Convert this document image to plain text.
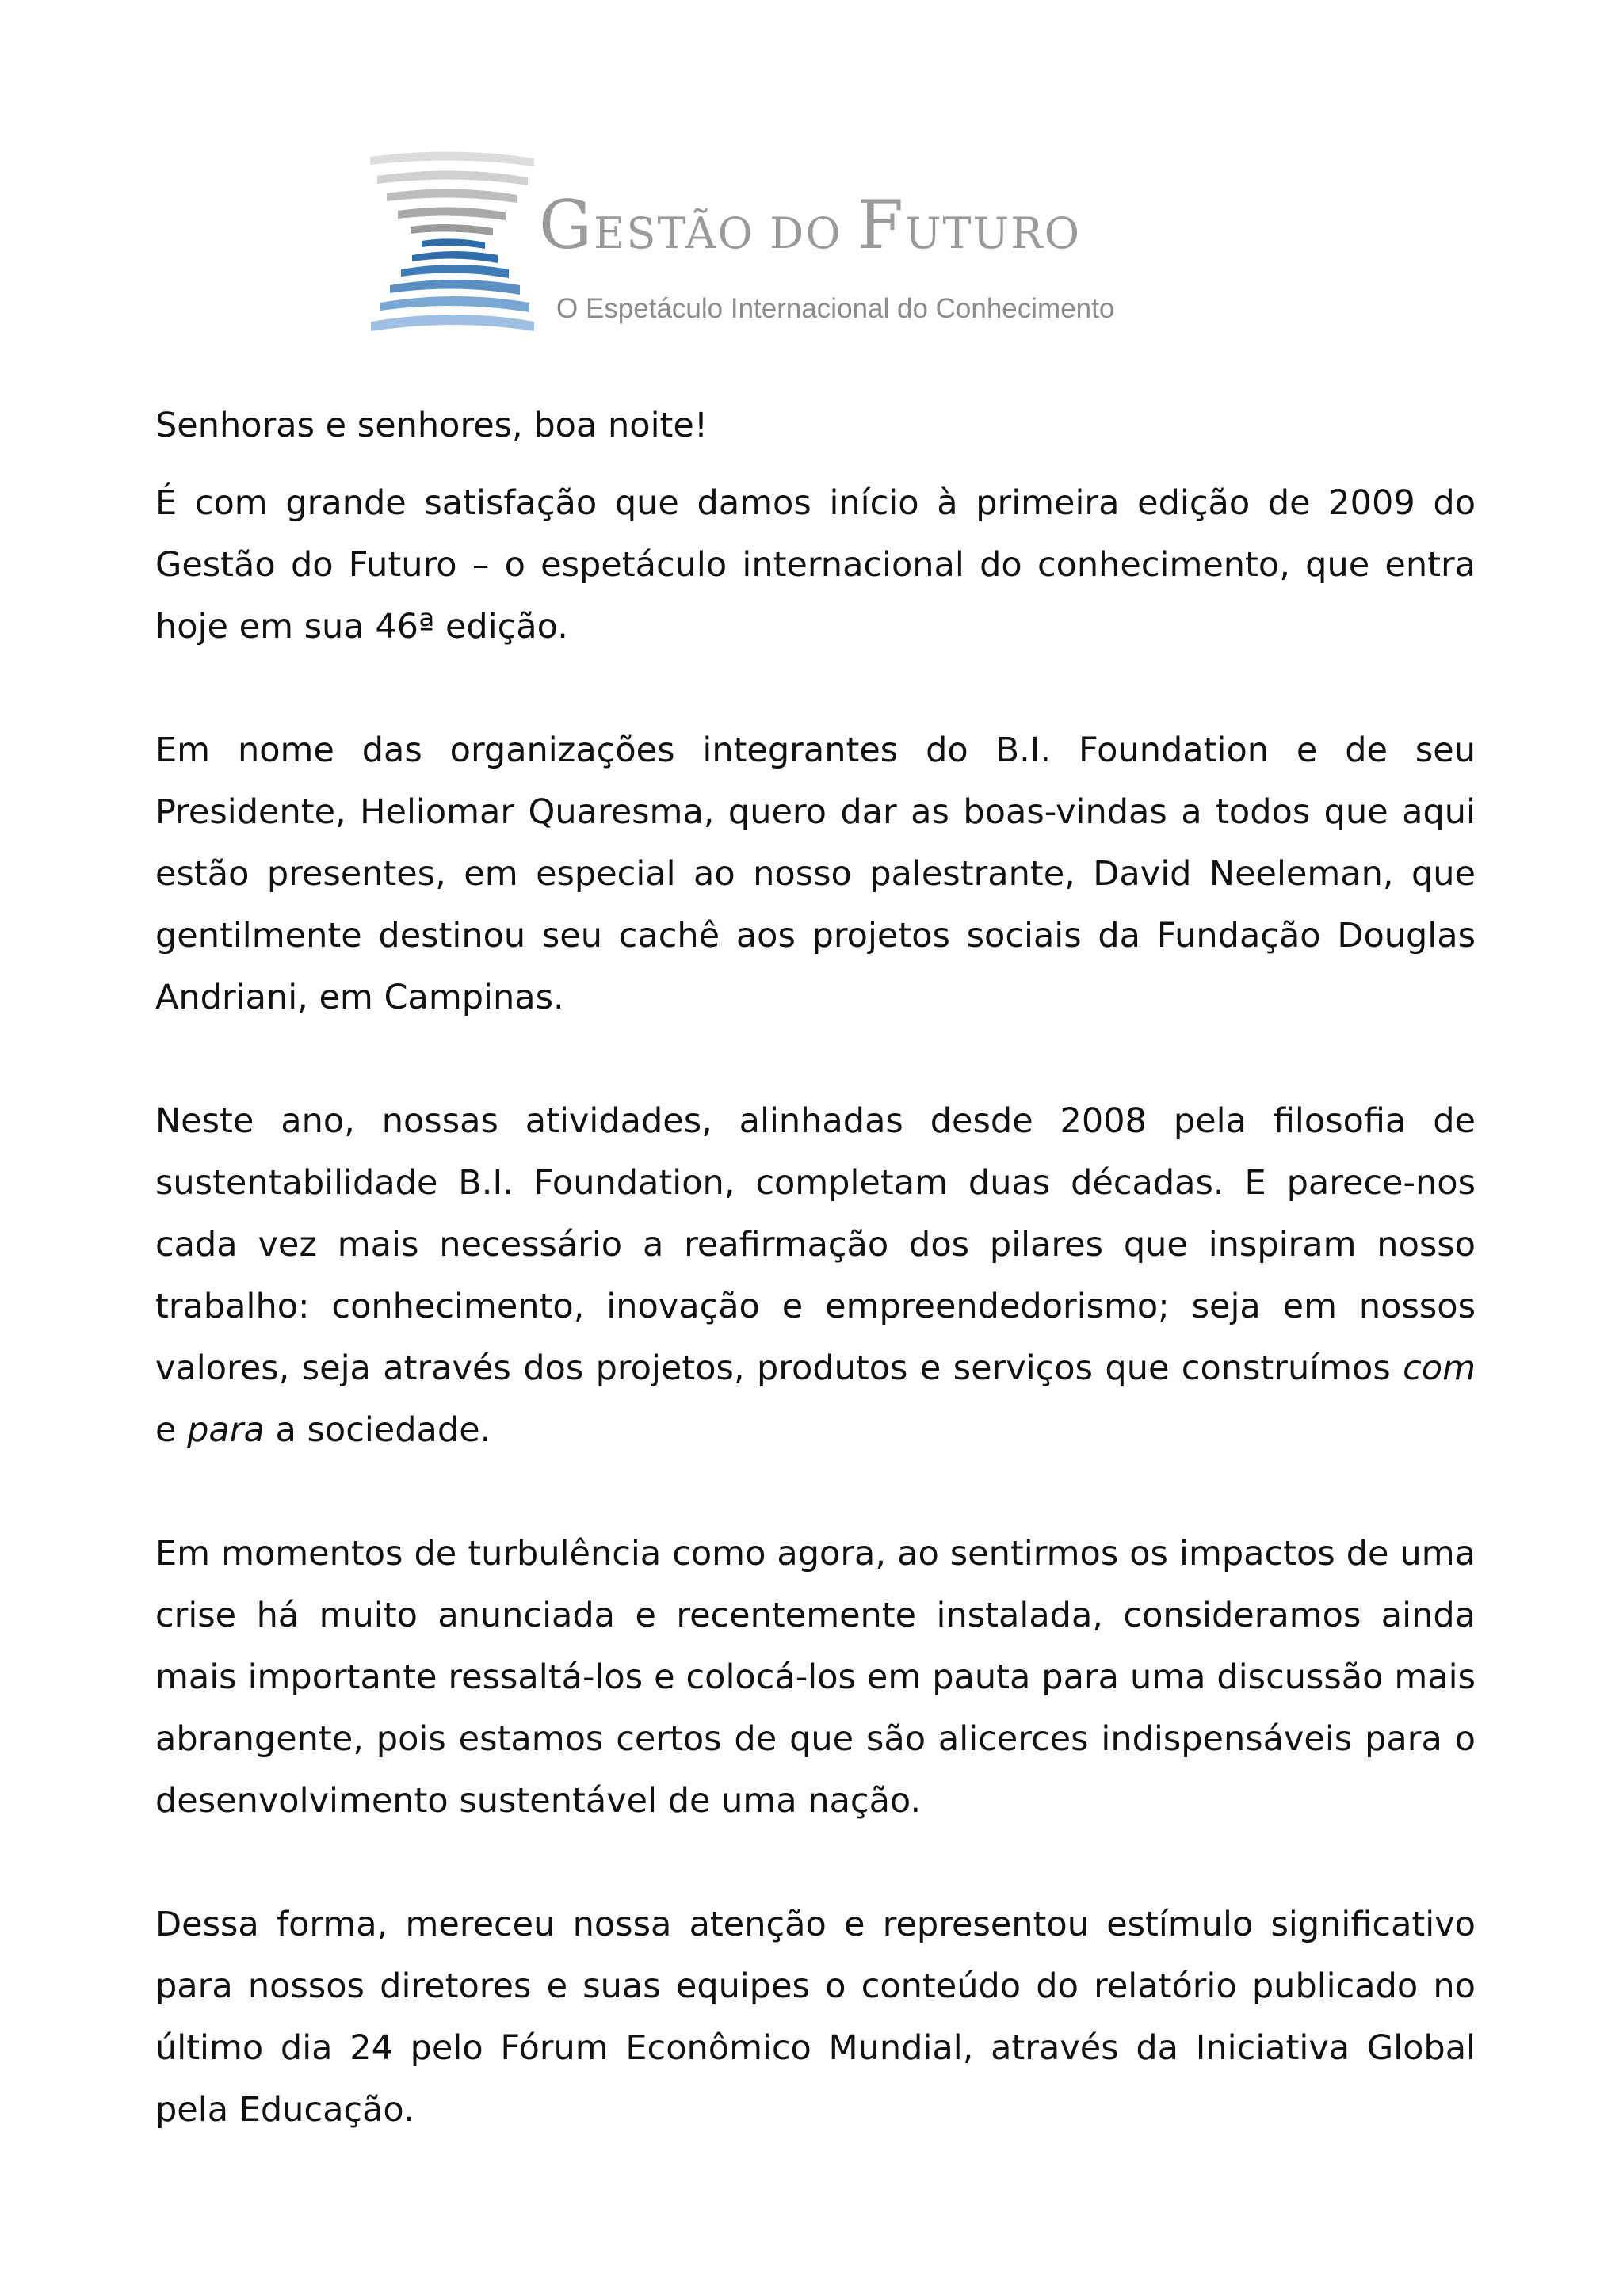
GESTÃO DO FUTURO
O Espetáculo Internacional do Conhecimento

Senhoras e senhores, boa noite!

É com grande satisfação que damos início à primeira edição de 2009 do Gestão do Futuro – o espetáculo internacional do conhecimento, que entra hoje em sua 46ª edição.

Em nome das organizações integrantes do B.I. Foundation e de seu Presidente, Heliomar Quaresma, quero dar as boas-vindas a todos que aqui estão presentes, em especial ao nosso palestrante, David Neeleman, que gentilmente destinou seu cachê aos projetos sociais da Fundação Douglas Andriani, em Campinas.

Neste ano, nossas atividades, alinhadas desde 2008 pela filosofia de sustentabilidade B.I. Foundation, completam duas décadas. E parece-nos cada vez mais necessário a reafirmação dos pilares que inspiram nosso trabalho: conhecimento, inovação e empreendedorismo; seja em nossos valores, seja através dos projetos, produtos e serviços que construímos com e para a sociedade.

Em momentos de turbulência como agora, ao sentirmos os impactos de uma crise há muito anunciada e recentemente instalada, consideramos ainda mais importante ressaltá-los e colocá-los em pauta para uma discussão mais abrangente, pois estamos certos de que são alicerces indispensáveis para o desenvolvimento sustentável de uma nação.

Dessa forma, mereceu nossa atenção e representou estímulo significativo para nossos diretores e suas equipes o conteúdo do relatório publicado no último dia 24 pelo Fórum Econômico Mundial, através da Iniciativa Global pela Educação.
